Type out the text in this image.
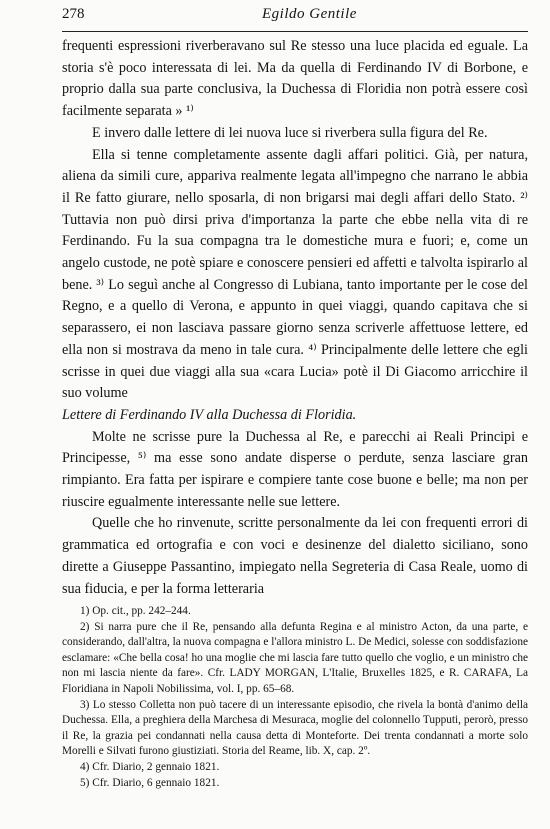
278	Egildo Gentile

frequenti espressioni riverberavano sul Re stesso una luce placida ed eguale. La storia s'è poco interessata di lei. Ma da quella di Ferdinando IV di Borbone, e proprio dalla sua parte conclusiva, la Duchessa di Floridia non potrà essere così facilmente separata » ¹⁾

E invero dalle lettere di lei nuova luce si riverbera sulla figura del Re.

Ella si tenne completamente assente dagli affari politici. Già, per natura, aliena da simili cure, appariva realmente legata all'impegno che narrano le abbia il Re fatto giurare, nello sposarla, di non brigarsi mai degli affari dello Stato. ²⁾ Tuttavia non può dirsi priva d'importanza la parte che ebbe nella vita di re Ferdinando. Fu la sua compagna tra le domestiche mura e fuori; e, come un angelo custode, ne potè spiare e conoscere pensieri ed affetti e talvolta ispirarlo al bene. ³⁾ Lo seguì anche al Congresso di Lubiana, tanto importante per le cose del Regno, e a quello di Verona, e appunto in quei viaggi, quando capitava che si separassero, ei non lasciava passare giorno senza scriverle affettuose lettere, ed ella non si mostrava da meno in tale cura. ⁴⁾ Principalmente delle lettere che egli scrisse in quei due viaggi alla sua «cara Lucia» potè il Di Giacomo arricchire il suo volume

Lettere di Ferdinando IV alla Duchessa di Floridia.

Molte ne scrisse pure la Duchessa al Re, e parecchi ai Reali Principi e Principesse, ⁵⁾ ma esse sono andate disperse o perdute, senza lasciare gran rimpianto. Era fatta per ispirare e compiere tante cose buone e belle; ma non per riuscire egualmente interessante nelle sue lettere.

Quelle che ho rinvenute, scritte personalmente da lei con frequenti errori di grammatica ed ortografia e con voci e desinenze del dialetto siciliano, sono dirette a Giuseppe Passantino, impiegato nella Segreteria di Casa Reale, uomo di sua fiducia, e per la forma letteraria

1) Op. cit., pp. 242–244.

2) Si narra pure che il Re, pensando alla defunta Regina e al ministro Acton, da una parte, e considerando, dall'altra, la nuova compagna e l'allora ministro L. De Medici, solesse con soddisfazione esclamare: «Che bella cosa! ho una moglie che mi lascia fare tutto quello che voglio, e un ministro che non mi lascia niente da fare». Cfr. LADY MORGAN, L'Italie, Bruxelles 1825, e R. CARAFA, La Floridiana in Napoli Nobilissima, vol. I, pp. 65–68.

3) Lo stesso Colletta non può tacere di un interessante episodio, che rivela la bontà d'animo della Duchessa. Ella, a preghiera della Marchesa di Mesuraca, moglie del colonnello Tupputi, perorò, presso il Re, la grazia pei condannati nella causa detta di Monteforte. Dei trenta condannati a morte solo Morelli e Silvati furono giustiziati. Storia del Reame, lib. X, cap. 2º.

4) Cfr. Diario, 2 gennaio 1821.

5) Cfr. Diario, 6 gennaio 1821.
